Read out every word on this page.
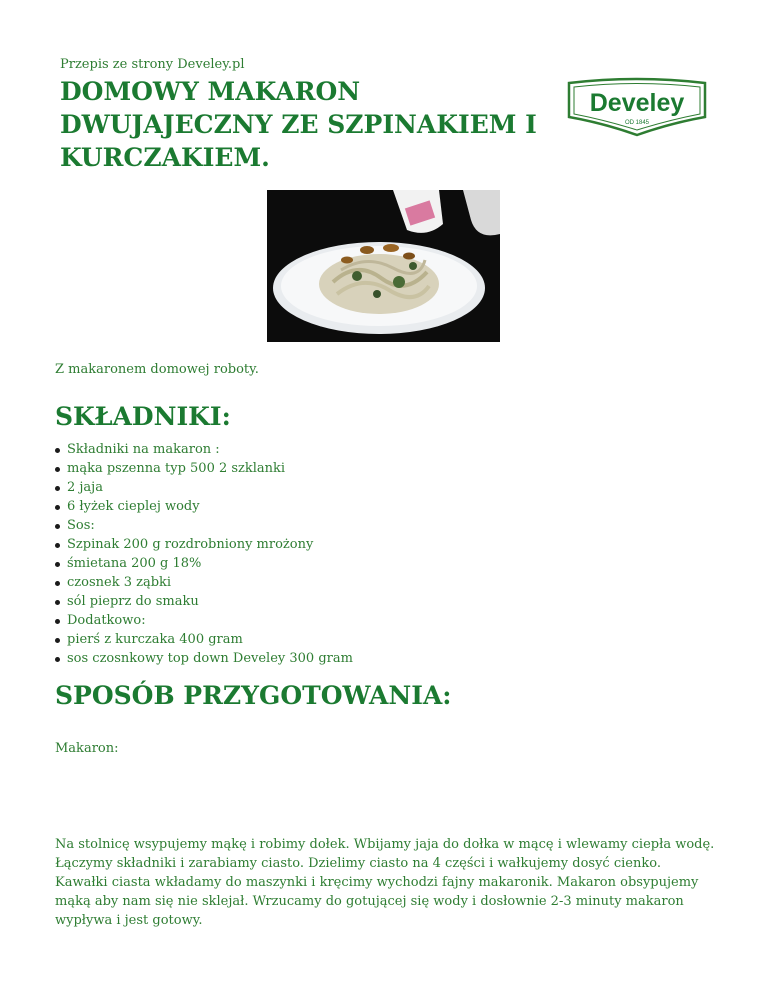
Przepis ze strony Develey.pl
DOMOWY MAKARON DWUJAJECZNY ZE SZPINAKIEM I KURCZAKIEM.
Develey
OD 1845
Z makaronem domowej roboty.
SKŁADNIKI:
Składniki na makaron :
mąka pszenna typ 500 2 szklanki
2 jaja
6 łyżek cieplej wody
Sos:
Szpinak 200 g rozdrobniony mrożony
śmietana 200 g 18%
czosnek 3 ząbki
sól pieprz do smaku
Dodatkowo:
pierś z kurczaka 400 gram
sos czosnkowy top down Develey 300 gram
SPOSÓB PRZYGOTOWANIA:
Makaron:

Na stolnicę wsypujemy mąkę i robimy dołek. Wbijamy jaja do dołka w mącę i wlewamy ciepła wodę. Łączymy składniki i zarabiamy ciasto. Dzielimy ciasto na 4 części i wałkujemy dosyć cienko. Kawałki ciasta wkładamy do maszynki i kręcimy wychodzi fajny makaronik. Makaron obsypujemy mąką aby nam się nie sklejał. Wrzucamy do gotującej się wody i dosłownie 2-3 minuty makaron wypływa i jest gotowy.
